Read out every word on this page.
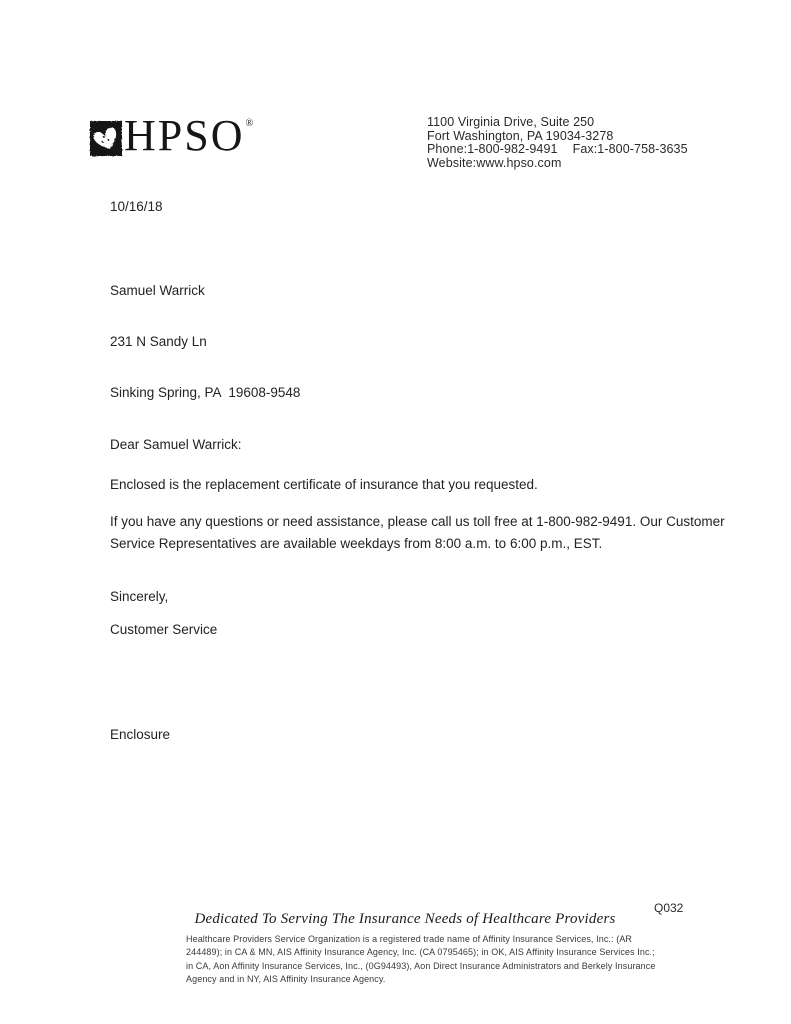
HPSO ®	1100 Virginia Drive, Suite 250
Fort Washington, PA 19034-3278
Phone:1-800-982-9491 Fax:1-800-758-3635
Website:www.hpso.com
10/16/18

Samuel Warrick

231 N Sandy Ln

Sinking Spring, PA  19608-9548

Dear Samuel Warrick:
Enclosed is the replacement certificate of insurance that you requested.
If you have any questions or need assistance, please call us toll free at 1-800-982-9491. Our Customer Service Representatives are available weekdays from 8:00 a.m. to 6:00 p.m., EST.
Sincerely,
Customer Service
Enclosure
Q032
Dedicated To Serving The Insurance Needs of Healthcare Providers
Healthcare Providers Service Organization is a registered trade name of Affinity Insurance Services, Inc.: (AR
244489); in CA & MN, AIS Affinity Insurance Agency, Inc. (CA 0795465); in OK, AIS Affinity Insurance Services Inc.;
in CA, Aon Affinity Insurance Services, Inc., (0G94493), Aon Direct Insurance Administrators and Berkely Insurance
Agency and in NY, AIS Affinity Insurance Agency.
